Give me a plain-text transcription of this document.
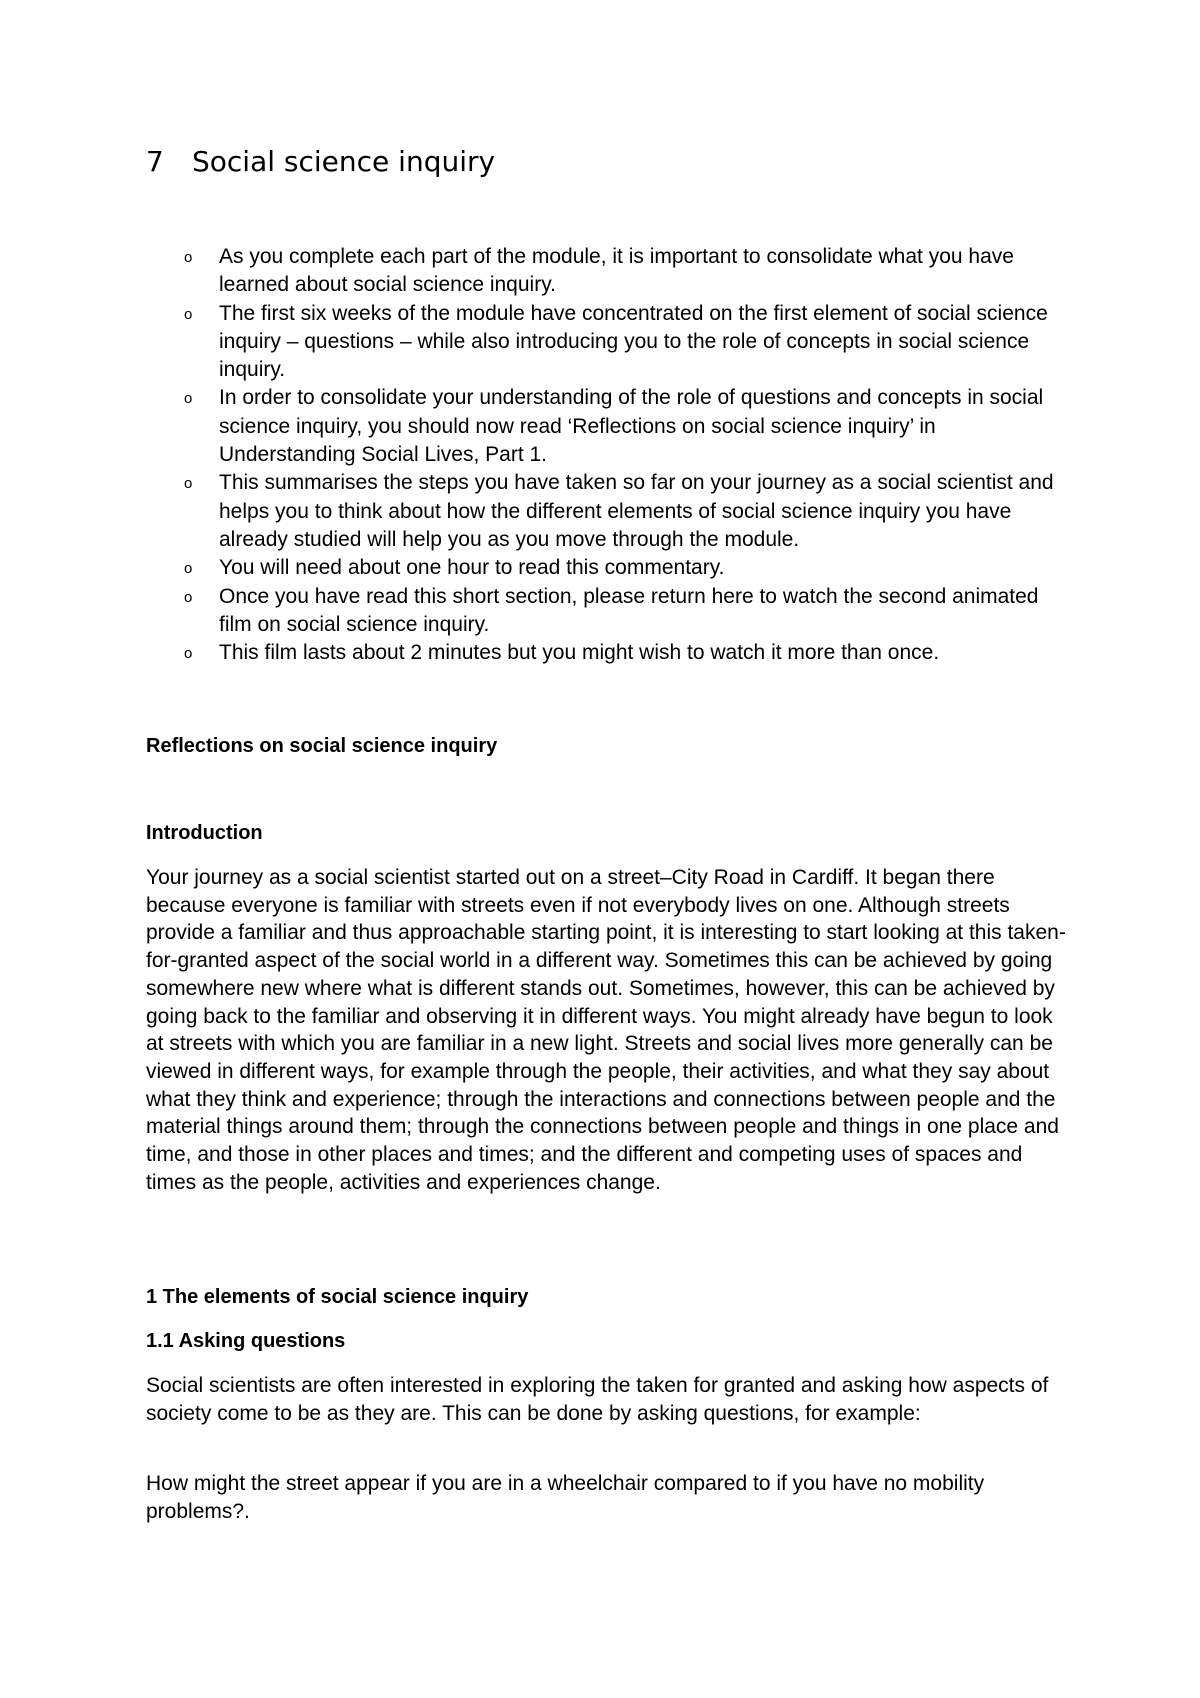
7 Social science inquiry
o As you complete each part of the module, it is important to consolidate what you have learned about social science inquiry.
o The first six weeks of the module have concentrated on the first element of social science inquiry – questions – while also introducing you to the role of concepts in social science inquiry.
o In order to consolidate your understanding of the role of questions and concepts in social science inquiry, you should now read ‘Reflections on social science inquiry’ in Understanding Social Lives, Part 1.
o This summarises the steps you have taken so far on your journey as a social scientist and helps you to think about how the different elements of social science inquiry you have already studied will help you as you move through the module.
o You will need about one hour to read this commentary.
o Once you have read this short section, please return here to watch the second animated film on social science inquiry.
o This film lasts about 2 minutes but you might wish to watch it more than once.
Reflections on social science inquiry
Introduction

Your journey as a social scientist started out on a street–City Road in Cardiff. It began there because everyone is familiar with streets even if not everybody lives on one. Although streets provide a familiar and thus approachable starting point, it is interesting to start looking at this taken-for-granted aspect of the social world in a different way. Sometimes this can be achieved by going somewhere new where what is different stands out. Sometimes, however, this can be achieved by going back to the familiar and observing it in different ways. You might already have begun to look at streets with which you are familiar in a new light. Streets and social lives more generally can be viewed in different ways, for example through the people, their activities, and what they say about what they think and experience; through the interactions and connections between people and the material things around them; through the connections between people and things in one place and time, and those in other places and times; and the different and competing uses of spaces and times as the people, activities and experiences change.

1 The elements of social science inquiry
1.1 Asking questions

Social scientists are often interested in exploring the taken for granted and asking how aspects of society come to be as they are. This can be done by asking questions, for example:

How might the street appear if you are in a wheelchair compared to if you have no mobility problems?.
